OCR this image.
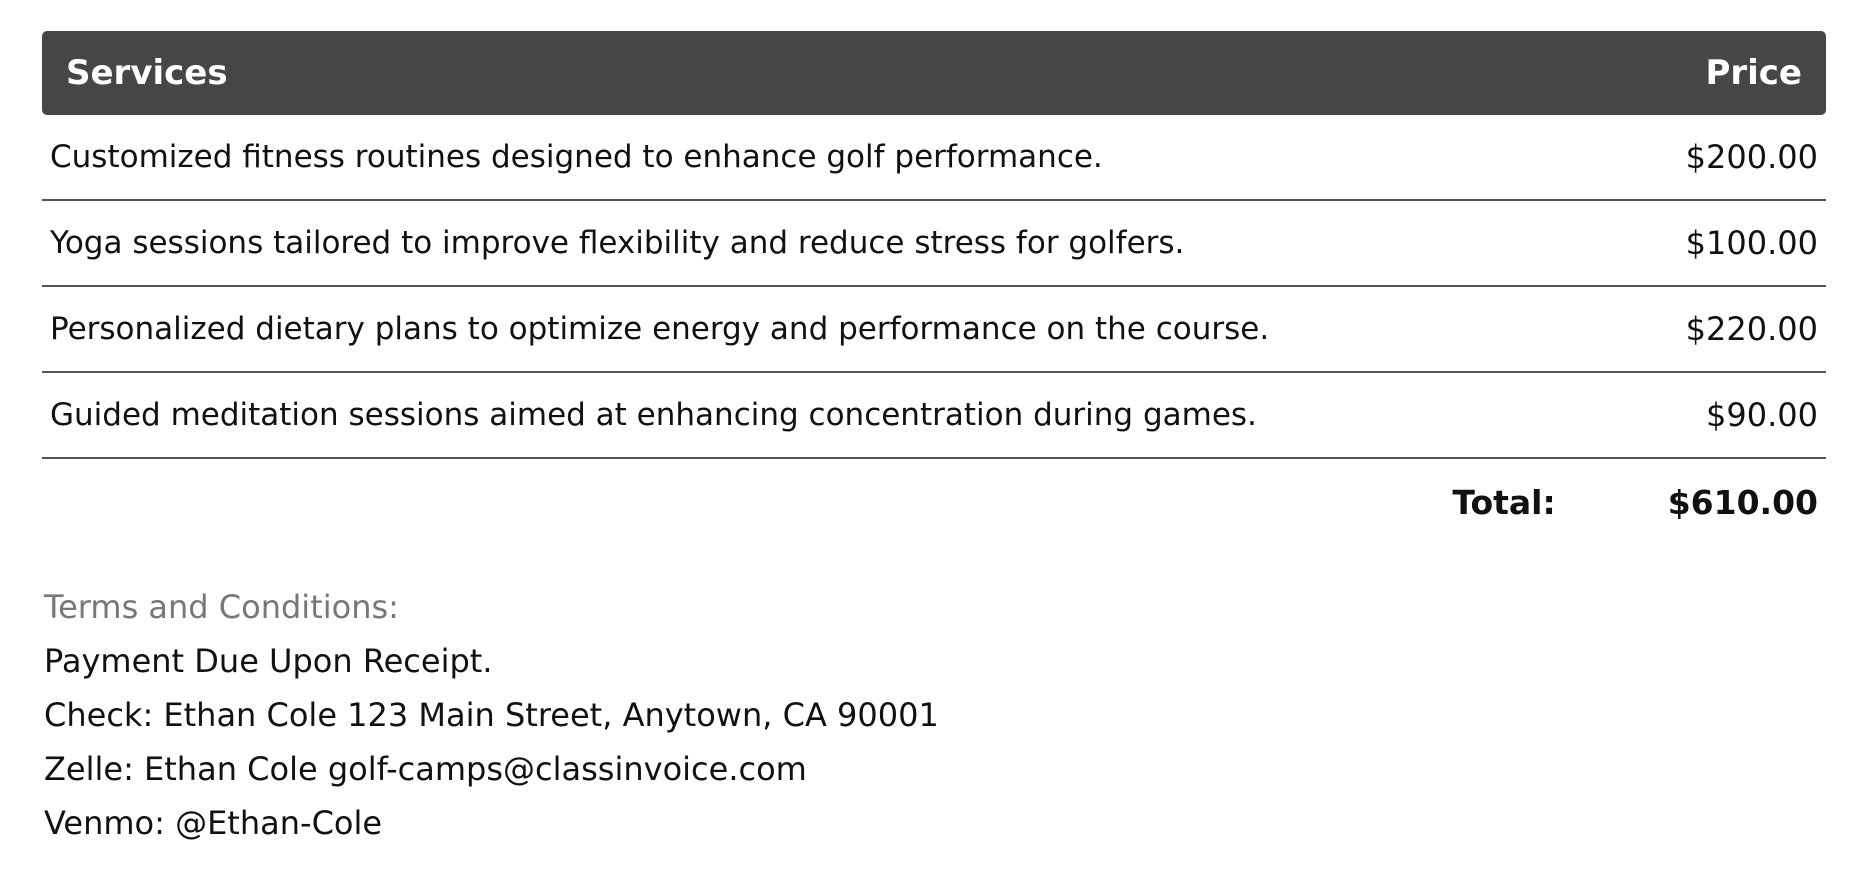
Services	Price
Customized fitness routines designed to enhance golf performance.	$200.00
Yoga sessions tailored to improve flexibility and reduce stress for golfers.	$100.00
Personalized dietary plans to optimize energy and performance on the course.	$220.00
Guided meditation sessions aimed at enhancing concentration during games.	$90.00
Total:	$610.00
Terms and Conditions:
Payment Due Upon Receipt.
Check: Ethan Cole 123 Main Street, Anytown, CA 90001
Zelle: Ethan Cole golf-camps@classinvoice.com
Venmo: @Ethan-Cole
